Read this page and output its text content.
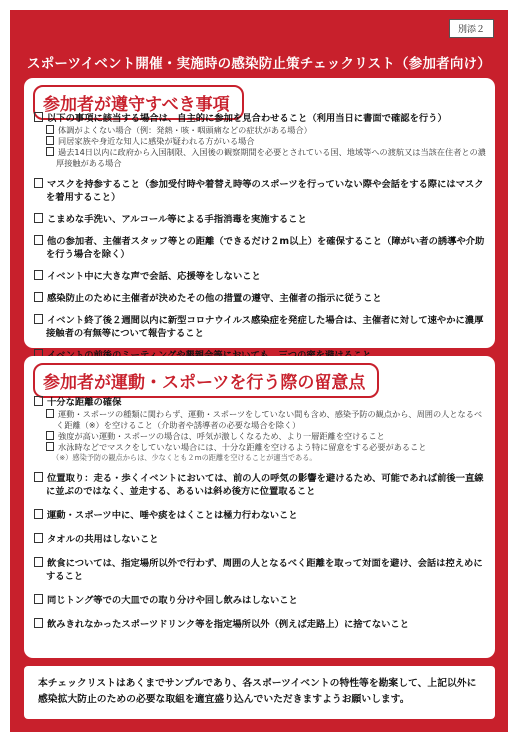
別添２
スポーツイベント開催・実施時の感染防止策チェックリスト（参加者向け）
参加者が遵守すべき事項
以下の事項に該当する場合は、自主的に参加を見合わせること（利用当日に書面で確認を行う）
体調がよくない場合（例：発熱・咳・咽頭痛などの症状がある場合）
同居家族や身近な知人に感染が疑われる方がいる場合
過去14日以内に政府から入国制限、入国後の観察期間を必要とされている国、地域等への渡航又は当該在住者との濃厚接触がある場合
マスクを持参すること（参加受付時や着替え時等のスポーツを行っていない際や会話をする際にはマスクを着用すること）
こまめな手洗い、アルコール等による手指消毒を実施すること
他の参加者、主催者スタッフ等との距離（できるだけ２m以上）を確保すること（障がい者の誘導や介助を行う場合を除く）
イベント中に大きな声で会話、応援等をしないこと
感染防止のために主催者が決めたその他の措置の遵守、主催者の指示に従うこと
イベント終了後２週間以内に新型コロナウイルス感染症を発症した場合は、主催者に対して速やかに濃厚接触者の有無等について報告すること
参加者が運動・スポーツを行う際の留意点
十分な距離の確保
運動・スポーツの種類に関わらず、運動・スポーツをしていない間も含め、感染予防の観点から、周囲の人となるべく距離（※）を空けること（介助者や誘導者の必要な場合を除く）
強度が高い運動・スポーツの場合は、呼気が激しくなるため、より一層距離を空けること
水泳時などでマスクをしていない場合には、十分な距離を空けるよう特に留意をする必要があること
（※）感染予防の観点からは、少なくとも２mの距離を空けることが適当である。
位置取り：走る・歩くイベントにおいては、前の人の呼気の影響を避けるため、可能であれば前後一直線に並ぶのではなく、並走する、あるいは斜め後方に位置取ること
運動・スポーツ中に、唾や痰をはくことは極力行わないこと
タオルの共用はしないこと
飲食については、指定場所以外で行わず、周囲の人となるべく距離を取って対面を避け、会話は控えめにすること
同じトング等での大皿での取り分けや回し飲みはしないこと
飲みきれなかったスポーツドリンク等を指定場所以外（例えば走路上）に捨てないこと
本チェックリストはあくまでサンプルであり、各スポーツイベントの特性等を勘案して、上記以外に感染拡大防止のための必要な取組を適宜盛り込んでいただきますようお願いします。
